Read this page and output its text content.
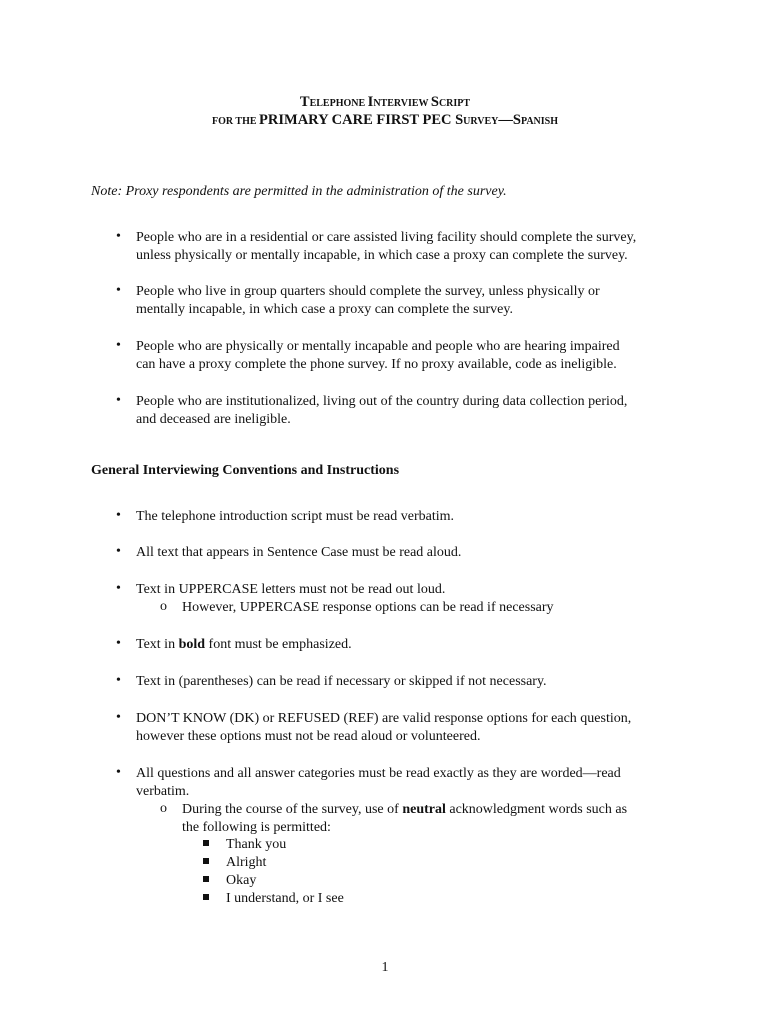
TELEPHONE INTERVIEW SCRIPT
FOR THE PRIMARY CARE FIRST PEC SURVEY—SPANISH
Note: Proxy respondents are permitted in the administration of the survey.
• People who are in a residential or care assisted living facility should complete the survey,
unless physically or mentally incapable, in which case a proxy can complete the survey.
• People who live in group quarters should complete the survey, unless physically or
mentally incapable, in which case a proxy can complete the survey.
• People who are physically or mentally incapable and people who are hearing impaired
can have a proxy complete the phone survey. If no proxy available, code as ineligible.
• People who are institutionalized, living out of the country during data collection period,
and deceased are ineligible.
General Interviewing Conventions and Instructions
• The telephone introduction script must be read verbatim.
• All text that appears in Sentence Case must be read aloud.
• Text in UPPERCASE letters must not be read out loud.
o However, UPPERCASE response options can be read if necessary
• Text in bold font must be emphasized.
• Text in (parentheses) can be read if necessary or skipped if not necessary.
• DON’T KNOW (DK) or REFUSED (REF) are valid response options for each question,
however these options must not be read aloud or volunteered.
• All questions and all answer categories must be read exactly as they are worded—read
verbatim.
o During the course of the survey, use of neutral acknowledgment words such as
the following is permitted:
Thank you
Alright
Okay
I understand, or I see
1
